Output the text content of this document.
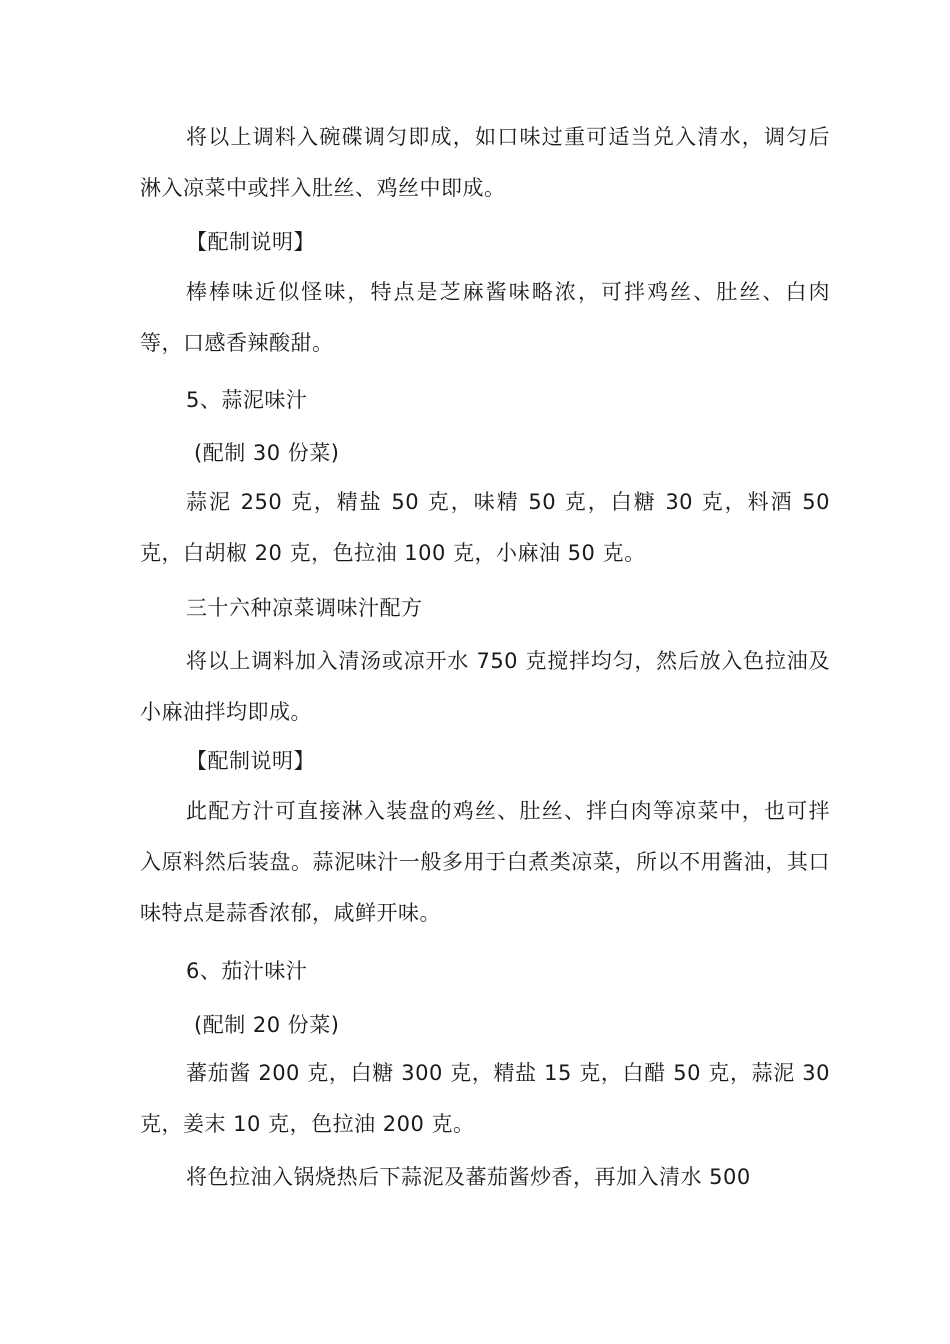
将以上调料入碗碟调匀即成，如口味过重可适当兑入清水，调匀后淋入凉菜中或拌入肚丝、鸡丝中即成。
【配制说明】
棒棒味近似怪味，特点是芝麻酱味略浓，可拌鸡丝、肚丝、白肉等，口感香辣酸甜。
5、蒜泥味汁
(配制 30 份菜)
蒜泥 250 克，精盐 50 克，味精 50 克，白糖 30 克，料酒 50 克，白胡椒 20 克，色拉油 100 克，小麻油 50 克。
三十六种凉菜调味汁配方
将以上调料加入清汤或凉开水 750 克搅拌均匀，然后放入色拉油及小麻油拌均即成。
【配制说明】
此配方汁可直接淋入装盘的鸡丝、肚丝、拌白肉等凉菜中，也可拌入原料然后装盘。蒜泥味汁一般多用于白煮类凉菜，所以不用酱油，其口味特点是蒜香浓郁，咸鲜开味。
6、茄汁味汁
(配制 20 份菜)
蕃茄酱 200 克，白糖 300 克，精盐 15 克，白醋 50 克，蒜泥 30 克，姜末 10 克，色拉油 200 克。
将色拉油入锅烧热后下蒜泥及蕃茄酱炒香，再加入清水 500
